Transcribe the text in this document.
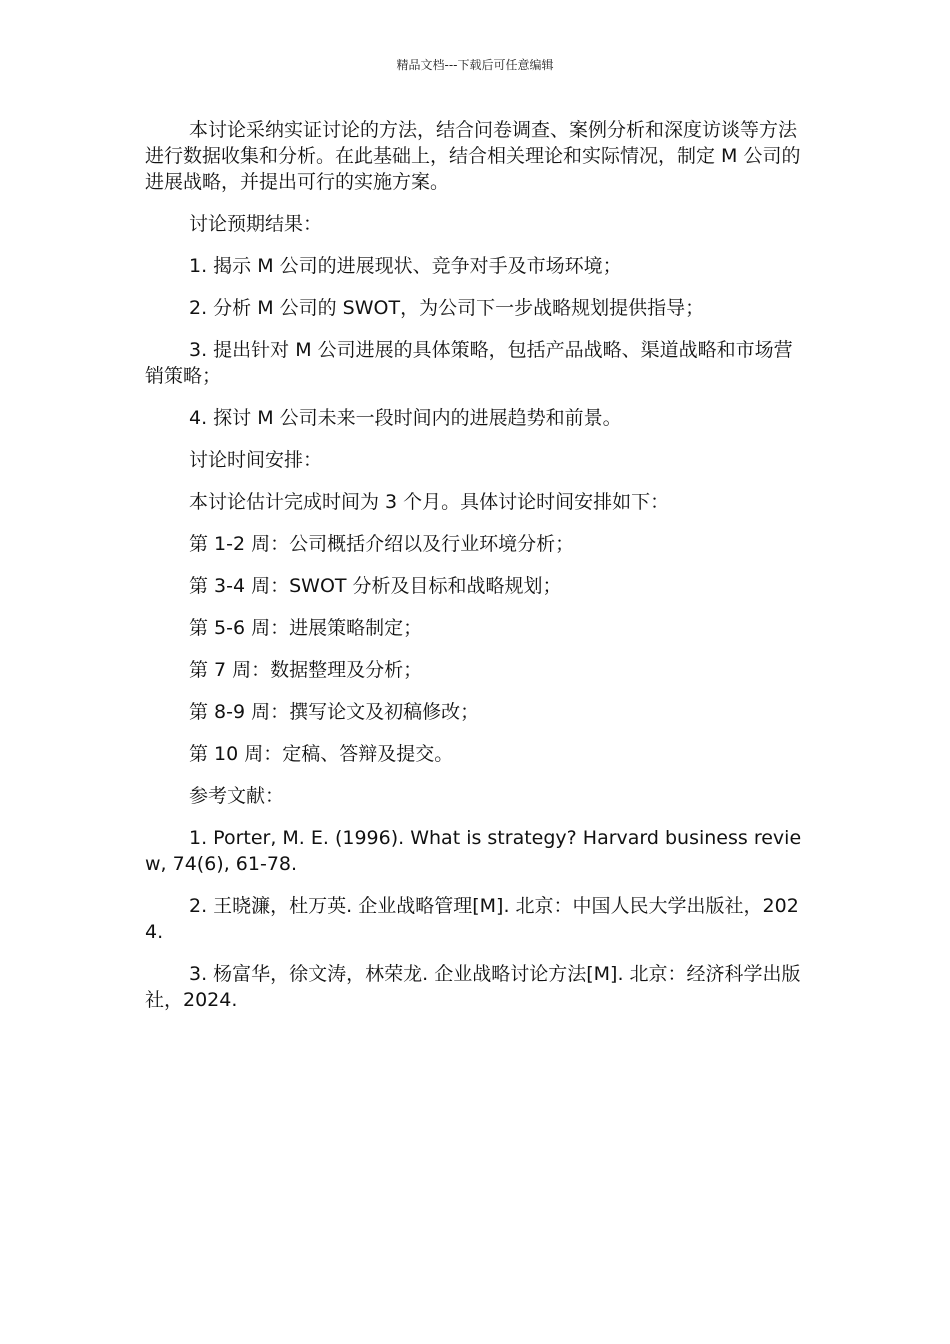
精品文档---下载后可任意编辑

本讨论采纳实证讨论的方法，结合问卷调查、案例分析和深度访谈等方法进行数据收集和分析。在此基础上，结合相关理论和实际情况，制定 M 公司的进展战略，并提出可行的实施方案。

讨论预期结果：

1. 揭示 M 公司的进展现状、竞争对手及市场环境；

2. 分析 M 公司的 SWOT，为公司下一步战略规划提供指导；

3. 提出针对 M 公司进展的具体策略，包括产品战略、渠道战略和市场营销策略；

4. 探讨 M 公司未来一段时间内的进展趋势和前景。

讨论时间安排：

本讨论估计完成时间为 3 个月。具体讨论时间安排如下：

第 1-2 周：公司概括介绍以及行业环境分析；

第 3-4 周：SWOT 分析及目标和战略规划；

第 5-6 周：进展策略制定；

第 7 周：数据整理及分析；

第 8-9 周：撰写论文及初稿修改；

第 10 周：定稿、答辩及提交。

参考文献：

1. Porter, M. E. (1996). What is strategy? Harvard business review, 74(6), 61-78.

2. 王晓濂，杜万英. 企业战略管理[M]. 北京：中国人民大学出版社，2024.

3. 杨富华，徐文涛，林荣龙. 企业战略讨论方法[M]. 北京：经济科学出版社，2024.
